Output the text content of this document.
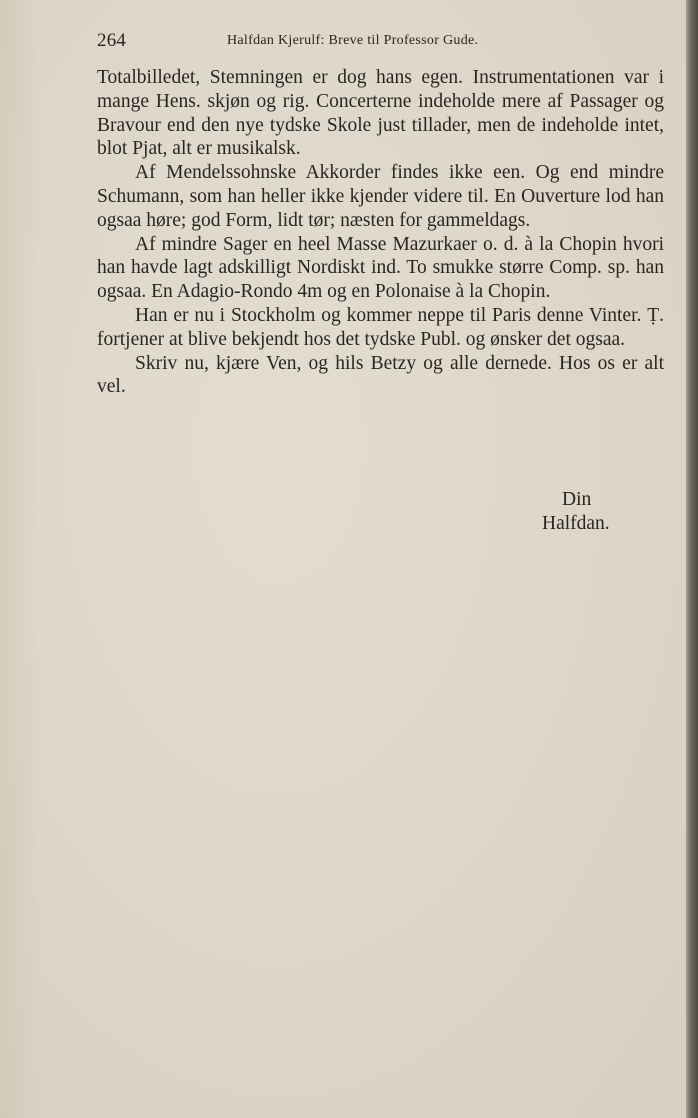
264	Halfdan Kjerulf: Breve til Professor Gude.

Totalbilledet, Stemningen er dog hans egen. Instrumentationen var i mange Hens. skjøn og rig. Concerterne indeholde mere af Passager og Bravour end den nye tydske Skole just tillader, men de indeholde intet, blot Pjat, alt er musikalsk.

Af Mendelssohnske Akkorder findes ikke een. Og end mindre Schumann, som han heller ikke kjender videre til. En Ouverture lod han ogsaa høre; god Form, lidt tør; næsten for gammeldags.

Af mindre Sager en heel Masse Mazurkaer o. d. à la Chopin hvori han havde lagt adskilligt Nordiskt ind. To smukke større Comp. sp. han ogsaa. En Adagio-Rondo 4m og en Polonaise à la Chopin.

Han er nu i Stockholm og kommer neppe til Paris denne Vinter. Ṭ. fortjener at blive bekjendt hos det tydske Publ. og ønsker det ogsaa.

Skriv nu, kjære Ven, og hils Betzy og alle dernede. Hos os er alt vel.

Din
Halfdan.
